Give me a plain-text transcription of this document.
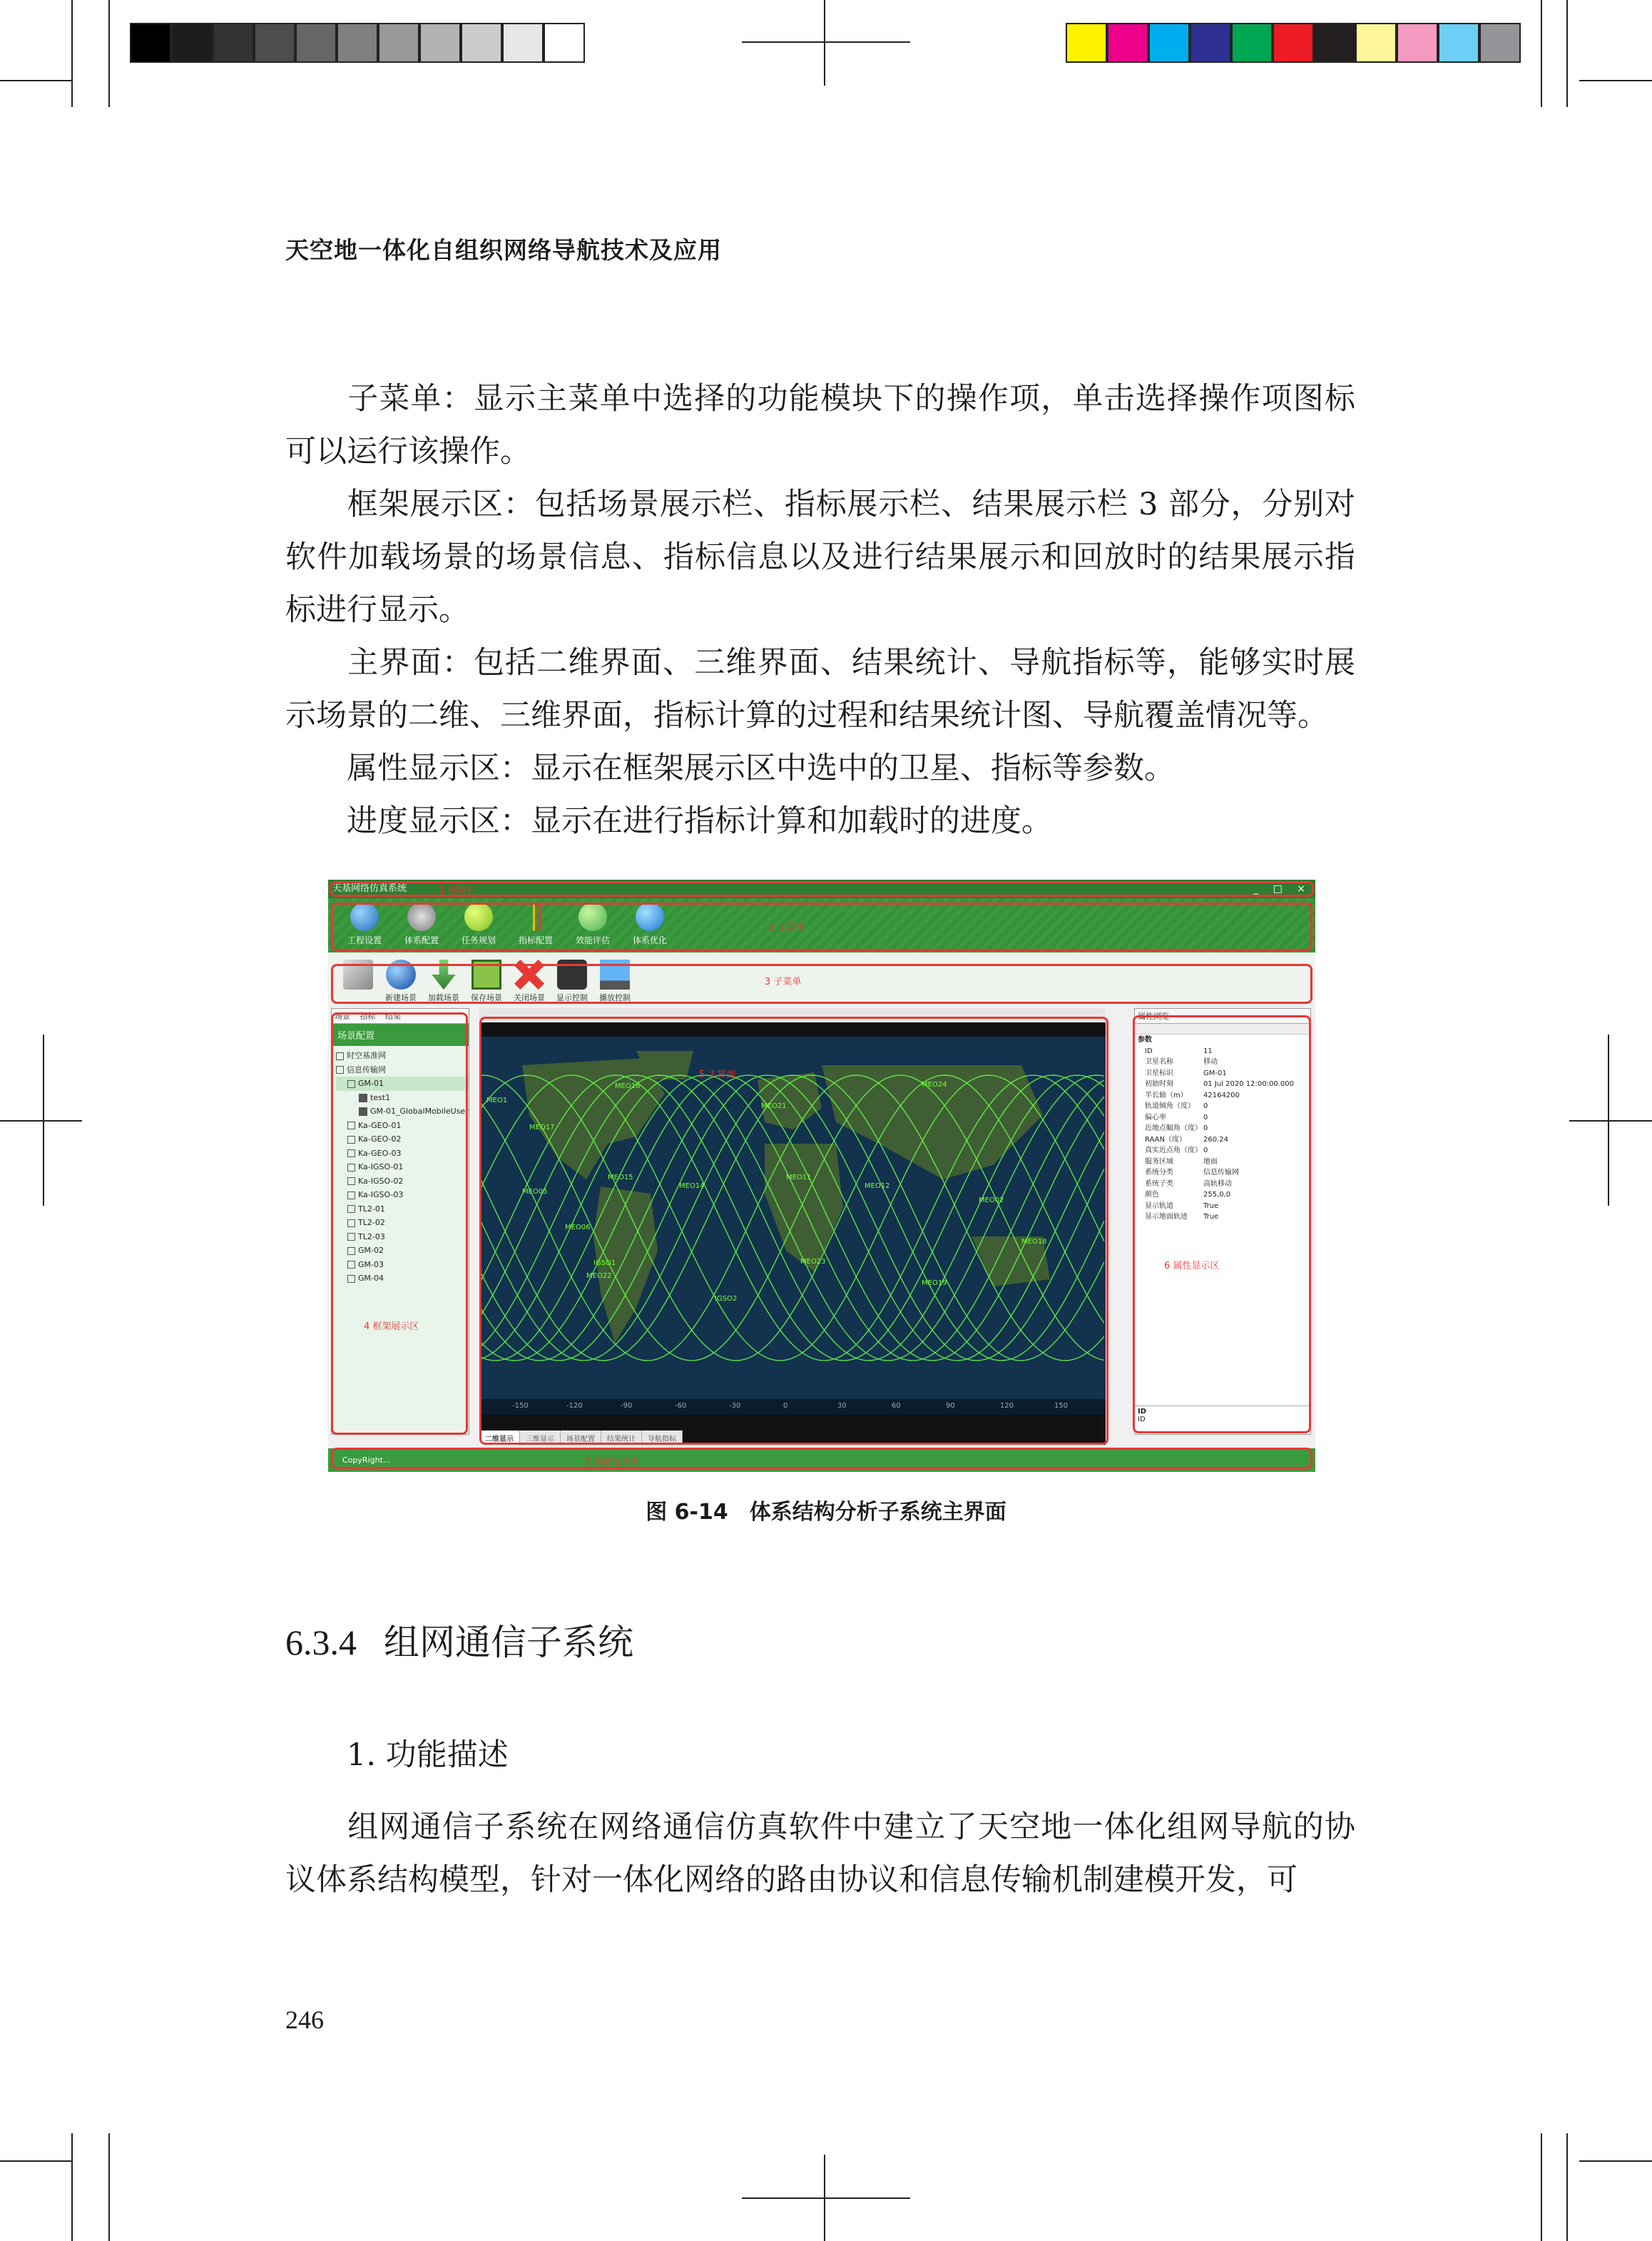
天空地一体化自组织网络导航技术及应用
子菜单：显示主菜单中选择的功能模块下的操作项，单击选择操作项图标可以运行该操作。
框架展示区：包括场景展示栏、指标展示栏、结果展示栏 3 部分，分别对软件加载场景的场景信息、指标信息以及进行结果展示和回放时的结果展示指标进行显示。
主界面：包括二维界面、三维界面、结果统计、导航指标等，能够实时展示场景的二维、三维界面，指标计算的过程和结果统计图、导航覆盖情况等。
属性显示区：显示在框架展示区中选中的卫星、指标等参数。
进度显示区：显示在进行指标计算和加载时的进度。
天基网络仿真系统	_ □ ×
工程设置	体系配置	任务规划	指标配置	效能评估	体系优化
新建场景	加载场景	保存场景	关闭场景	显示控制	播放控制
场景 指标 结果
场景配置
时空基准网
信息传输网
GM-01
test1
GM-01_GlobalMobileUser
Ka-GEO-01
Ka-GEO-02
Ka-GEO-03
Ka-IGSO-01
Ka-IGSO-02
Ka-IGSO-03
TL2-01
TL2-02
TL2-03
GM-02
GM-03
GM-04
MEO16
MEO1
MEO17
MEO21
MEO24
MEO15
MEO05
MEO14
MEO06
MEO11
MEO12
MEO02
MEO23
MEO22
MEO19
MEO18
IGSO1
IGSO2
-150	-120	-90	-60	-30	0	30	60	90	120	150
二维显示 三维显示 场景配置 结果统计 导航指标
属性浏览
参数
ID	11
卫星名称	移动
卫星标识	GM-01
初始时刻	01 Jul 2020 12:00:00.000
半长轴（m） 42164200
轨道倾角（度） 0
偏心率	0
近地点幅角（度） 0
RAAN（度） 260.24
真实近点角（度） 0
服务区域	地面
系统分类	信息传输网
系统子类	高轨移动
颜色	255,0,0
显示轨道	True
显示地面轨迹 True
ID
ID
CopyRight...
1 标题栏
2 主菜单
3 子菜单
4 框架展示区
5 主界面
6 属性显示区
7 进度显示区
图 6-14　体系结构分析子系统主界面
6.3.4 组网通信子系统
1. 功能描述
组网通信子系统在网络通信仿真软件中建立了天空地一体化组网导航的协议体系结构模型，针对一体化网络的路由协议和信息传输机制建模开发，可
246
